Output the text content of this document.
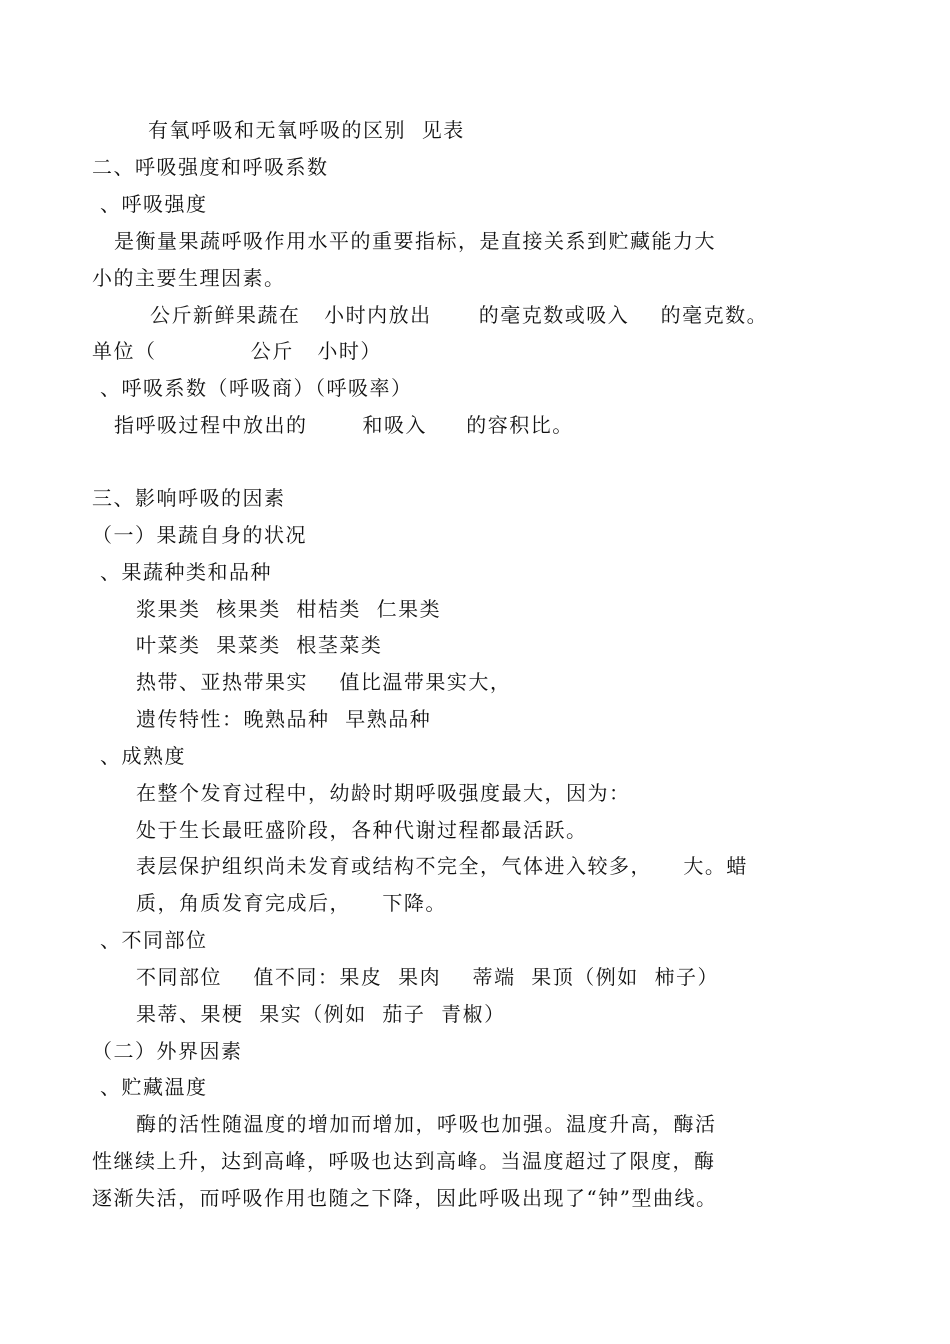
有氧呼吸和无氧呼吸的区别  见表
二、呼吸强度和呼吸系数
、呼吸强度
是衡量果蔬呼吸作用水平的重要指标，是直接关系到贮藏能力大
小的主要生理因素。
公斤新鲜果蔬在   小时内放出      的毫克数或吸入    的毫克数。
单位（            公斤   小时）
、呼吸系数（呼吸商）（呼吸率）
指呼吸过程中放出的       和吸入     的容积比。
三、影响呼吸的因素
（一）果蔬自身的状况
、果蔬种类和品种
浆果类  核果类  柑桔类  仁果类
叶菜类  果菜类  根茎菜类
热带、亚热带果实    值比温带果实大，
遗传特性：晚熟品种  早熟品种
、成熟度
在整个发育过程中，幼龄时期呼吸强度最大，因为：
处于生长最旺盛阶段，各种代谢过程都最活跃。
表层保护组织尚未发育或结构不完全，气体进入较多，    大。蜡
质，角质发育完成后，    下降。
、不同部位
不同部位    值不同：果皮  果肉    蒂端  果顶（例如  柿子）
果蒂、果梗  果实（例如  茄子  青椒）
（二）外界因素
、贮藏温度
酶的活性随温度的增加而增加，呼吸也加强。温度升高，酶活
性继续上升，达到高峰，呼吸也达到高峰。当温度超过了限度，酶
逐渐失活，而呼吸作用也随之下降，因此呼吸出现了“钟”型曲线。
